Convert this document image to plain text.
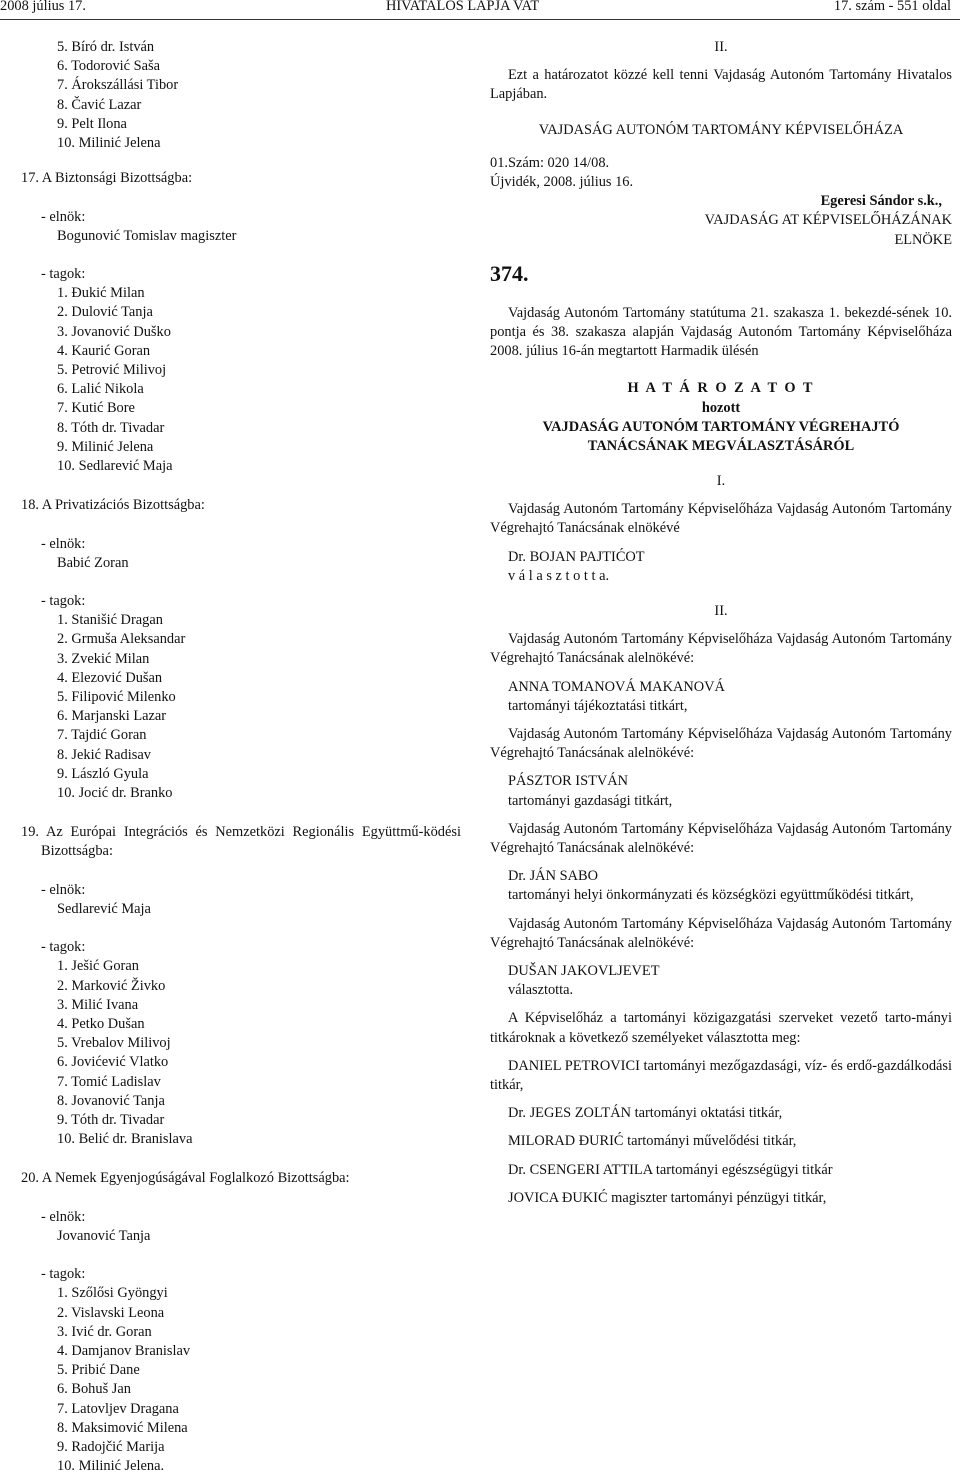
2008 július 17.	HIVATALOS LAPJA VAT	17. szám - 551 oldal
5. Bíró dr. István
6. Todorović Saša
7. Árokszállási Tibor
8. Čavić Lazar
9. Pelt Ilona
10. Milinić Jelena
17. A Biztonsági Bizottságba:
- elnök:
Bogunović Tomislav magiszter
- tagok:
1. Đukić Milan
2. Dulović Tanja
3. Jovanović Duško
4. Kaurić Goran
5. Petrović Milivoj
6. Lalić Nikola
7. Kutić Bore
8. Tóth dr. Tivadar
9. Milinić Jelena
10. Sedlarević Maja
18. A Privatizációs Bizottságba:
- elnök:
Babić Zoran
- tagok:
1. Stanišić Dragan
2. Grmuša Aleksandar
3. Zvekić Milan
4. Elezović Dušan
5. Filipović Milenko
6. Marjanski Lazar
7. Tajdić Goran
8. Jekić Radisav
9. László Gyula
10. Jocić dr. Branko
19. Az Európai Integrációs és Nemzetközi Regionális Együttmű-ködési Bizottságba:
- elnök:
Sedlarević Maja
- tagok:
1. Ješić Goran
2. Marković Živko
3. Milić Ivana
4. Petko Dušan
5. Vrebalov Milivoj
6. Jovićević Vlatko
7. Tomić Ladislav
8. Jovanović Tanja
9. Tóth dr. Tivadar
10. Belić dr. Branislava
20. A Nemek Egyenjogúságával Foglalkozó Bizottságba:
- elnök:
Jovanović Tanja
- tagok:
1. Szőlősi Gyöngyi
2. Vislavski Leona
3. Ivić dr. Goran
4. Damjanov Branislav
5. Pribić Dane
6. Bohuš Jan
7. Latovljev Dragana
8. Maksimović Milena
9. Radojčić Marija
10. Milinić Jelena.
II.
Ezt a határozatot közzé kell tenni Vajdaság Autonóm Tartomány Hivatalos Lapjában.
VAJDASÁG AUTONÓM TARTOMÁNY KÉPVISELŐHÁZA
01.Szám: 020 14/08.
Újvidék, 2008. július 16.
Egeresi Sándor s.k.,
VAJDASÁG AT KÉPVISELŐHÁZÁNAK
ELNÖKE
374.
Vajdaság Autonóm Tartomány statútuma 21. szakasza 1. bekezdé-sének 10. pontja és 38. szakasza alapján Vajdaság Autonóm Tartomány Képviselőháza 2008. július 16-án megtartott Harmadik ülésén
H A T Á R O Z A T O T
hozott
VAJDASÁG AUTONÓM TARTOMÁNY VÉGREHAJTÓ
TANÁCSÁNAK MEGVÁLASZTÁSÁRÓL
I.
Vajdaság Autonóm Tartomány Képviselőháza Vajdaság Autonóm Tartomány Végrehajtó Tanácsának elnökévé
Dr. BOJAN PAJTIĆOT
v á l a s z t o t t a.
II.
Vajdaság Autonóm Tartomány Képviselőháza Vajdaság Autonóm Tartomány Végrehajtó Tanácsának alelnökévé:
ANNA TOMANOVÁ MAKANOVÁ
tartományi tájékoztatási titkárt,
Vajdaság Autonóm Tartomány Képviselőháza Vajdaság Autonóm Tartomány Végrehajtó Tanácsának alelnökévé:
PÁSZTOR ISTVÁN
tartományi gazdasági titkárt,
Vajdaság Autonóm Tartomány Képviselőháza Vajdaság Autonóm Tartomány Végrehajtó Tanácsának alelnökévé:
Dr. JÁN SABO
tartományi helyi önkormányzati és községközi együttműködési titkárt,
Vajdaság Autonóm Tartomány Képviselőháza Vajdaság Autonóm Tartomány Végrehajtó Tanácsának alelnökévé:
DUŠAN JAKOVLJEVET
választotta.
A Képviselőház a tartományi közigazgatási szerveket vezető tarto-mányi titkároknak a következő személyeket választotta meg:
DANIEL PETROVICI tartományi mezőgazdasági, víz- és erdő-gazdálkodási titkár,
Dr. JEGES ZOLTÁN tartományi oktatási titkár,
MILORAD ĐURIĆ tartományi művelődési titkár,
Dr. CSENGERI ATTILA tartományi egészségügyi titkár
JOVICA ĐUKIĆ magiszter tartományi pénzügyi titkár,
